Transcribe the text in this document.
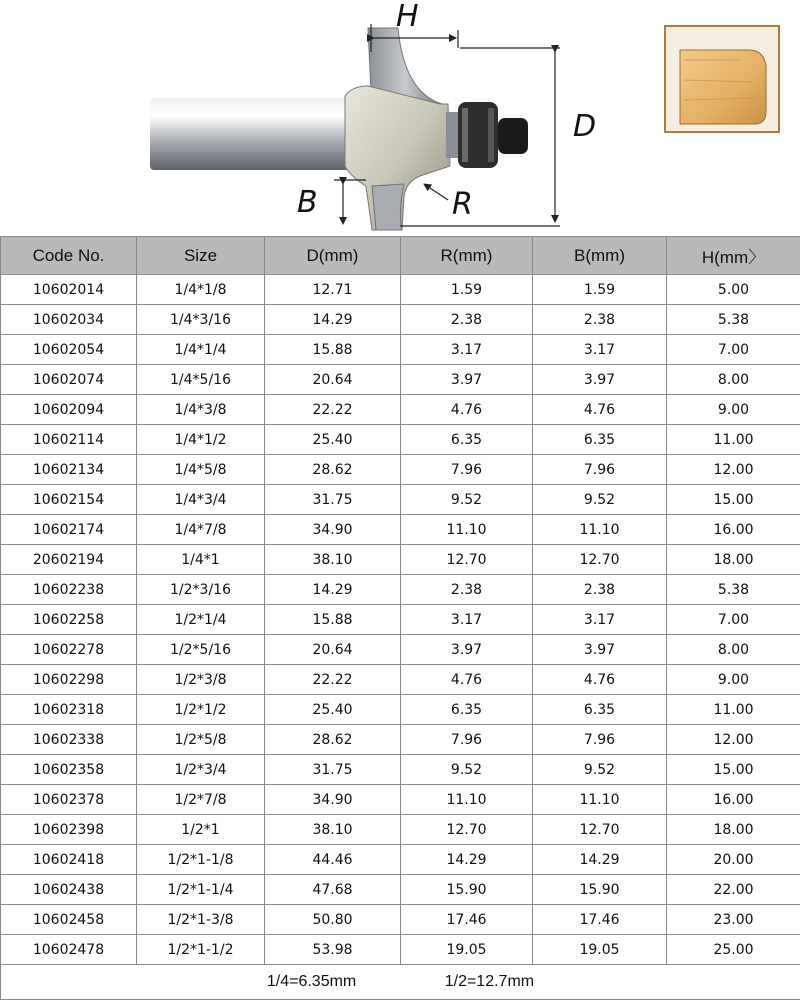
H
D
B	R
Code No.	Size	D(mm)	R(mm)	B(mm)	H(mm〉
10602014	1/4*1/8	12.71	1.59	1.59	5.00
10602034	1/4*3/16	14.29	2.38	2.38	5.38
10602054	1/4*1/4	15.88	3.17	3.17	7.00
10602074	1/4*5/16	20.64	3.97	3.97	8.00
10602094	1/4*3/8	22.22	4.76	4.76	9.00
10602114	1/4*1/2	25.40	6.35	6.35	11.00
10602134	1/4*5/8	28.62	7.96	7.96	12.00
10602154	1/4*3/4	31.75	9.52	9.52	15.00
10602174	1/4*7/8	34.90	11.10	11.10	16.00
20602194	1/4*1	38.10	12.70	12.70	18.00
10602238	1/2*3/16	14.29	2.38	2.38	5.38
10602258	1/2*1/4	15.88	3.17	3.17	7.00
10602278	1/2*5/16	20.64	3.97	3.97	8.00
10602298	1/2*3/8	22.22	4.76	4.76	9.00
10602318	1/2*1/2	25.40	6.35	6.35	11.00
10602338	1/2*5/8	28.62	7.96	7.96	12.00
10602358	1/2*3/4	31.75	9.52	9.52	15.00
10602378	1/2*7/8	34.90	11.10	11.10	16.00
10602398	1/2*1	38.10	12.70	12.70	18.00
10602418	1/2*1-1/8	44.46	14.29	14.29	20.00
10602438	1/2*1-1/4	47.68	15.90	15.90	22.00
10602458	1/2*1-3/8	50.80	17.46	17.46	23.00
10602478	1/2*1-1/2	53.98	19.05	19.05	25.00
1/4=6.35mm 1/2=12.7mm					
